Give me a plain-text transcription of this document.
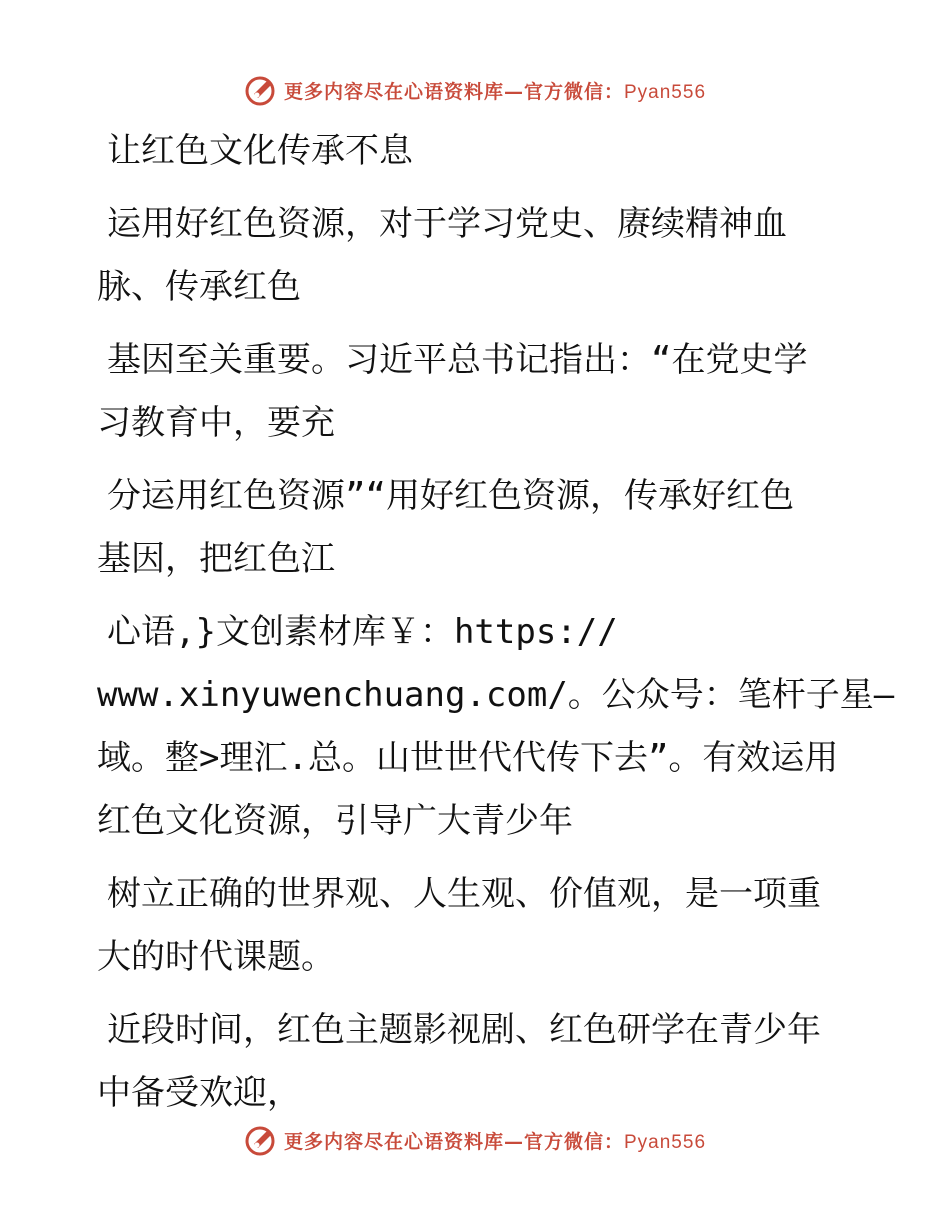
更多内容尽在心语资料库—官方微信：Pyan556
让红色文化传承不息
运用好红色资源，对于学习党史、赓续精神血
脉、传承红色
基因至关重要。习近平总书记指出：“在党史学
习教育中，要充
分运用红色资源”“用好红色资源，传承好红色
基因，把红色江
心语,}文创素材库￥：https://
www.xinyuwenchuang.com/。公众号：笔杆子星—
域。整>理汇.总。山世世代代传下去”。有效运用
红色文化资源，引导广大青少年
树立正确的世界观、人生观、价值观，是一项重
大的时代课题。
近段时间，红色主题影视剧、红色研学在青少年
中备受欢迎，
更多内容尽在心语资料库—官方微信：Pyan556
